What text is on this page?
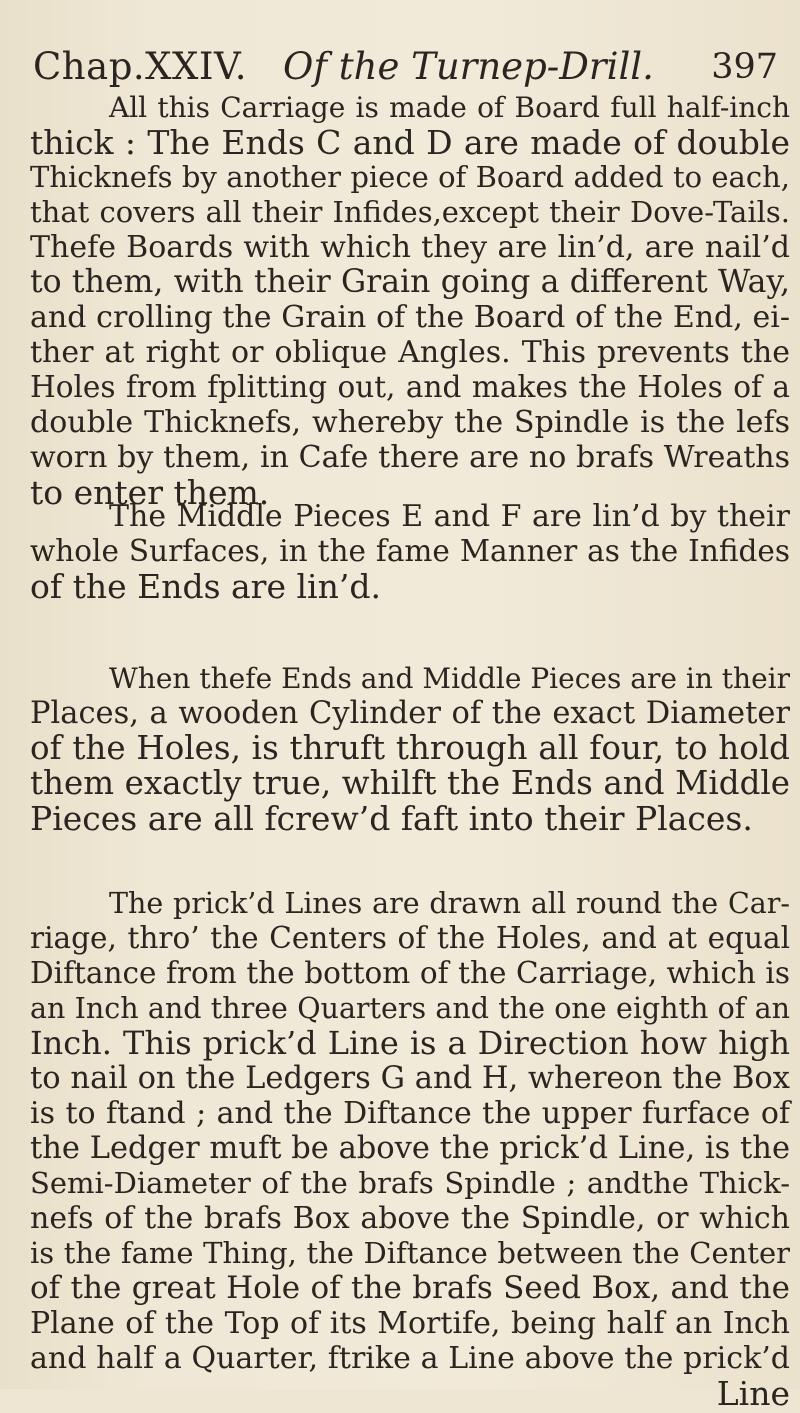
Chap.XXIV. Of the Turnep-Drill. 397
All this Carriage is made of Board full half-inch
thick : The Ends C and D are made of double
Thicknefs by another piece of Board added to each,
that covers all their Infides,except their Dove-Tails.
Thefe Boards with which they are lin’d, are nail’d
to them, with their Grain going a different Way,
and crolling the Grain of the Board of the End, ei-
ther at right or oblique Angles. This prevents the
Holes from fplitting out, and makes the Holes of a
double Thicknefs, whereby the Spindle is the lefs
worn by them, in Cafe there are no brafs Wreaths
to enter them.
The Middle Pieces E and F are lin’d by their
whole Surfaces, in the fame Manner as the Infides
of the Ends are lin’d.
When thefe Ends and Middle Pieces are in their
Places, a wooden Cylinder of the exact Diameter
of the Holes, is thruft through all four, to hold
them exactly true, whilft the Ends and Middle
Pieces are all fcrew’d faft into their Places.
The prick’d Lines are drawn all round the Car-
riage, thro’ the Centers of the Holes, and at equal
Diftance from the bottom of the Carriage, which is
an Inch and three Quarters and the one eighth of an
Inch. This prick’d Line is a Direction how high
to nail on the Ledgers G and H, whereon the Box
is to ftand ; and the Diftance the upper furface of
the Ledger muft be above the prick’d Line, is the
Semi-Diameter of the brafs Spindle ; andthe Thick-
nefs of the brafs Box above the Spindle, or which
is the fame Thing, the Diftance between the Center
of the great Hole of the brafs Seed Box, and the
Plane of the Top of its Mortife, being half an Inch
and half a Quarter, ftrike a Line above the prick’d
Line
